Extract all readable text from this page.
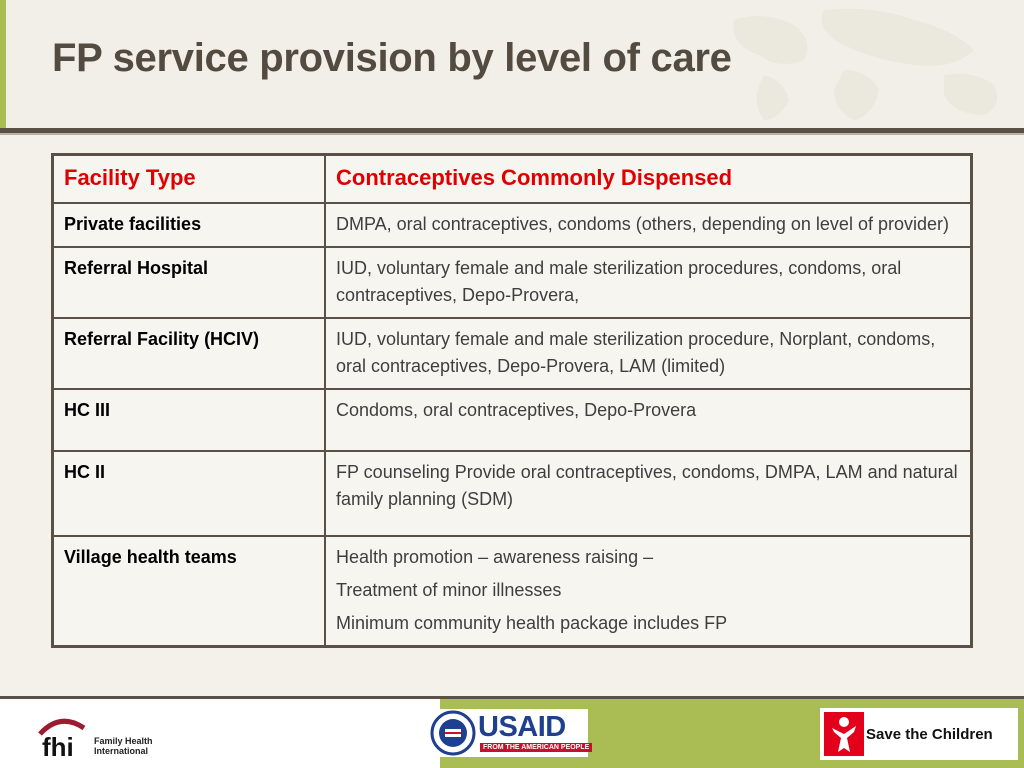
FP service provision by level of care
Facility Type	Contraceptives Commonly Dispensed
Private facilities	DMPA, oral contraceptives, condoms (others, depending on level of provider)

Referral Hospital	IUD, voluntary female and male sterilization procedures, condoms, oral contraceptives, Depo-Provera,

Referral Facility (HCIV)	IUD, voluntary female and male sterilization procedure, Norplant, condoms, oral contraceptives, Depo-Provera, LAM (limited)

HC III	Condoms, oral contraceptives, Depo-Provera

HC II	FP counseling Provide oral contraceptives, condoms, DMPA, LAM and natural family planning (SDM)

Village health teams	Health promotion – awareness raising –
Treatment of minor illnesses
Minimum community health package includes FP
fhi Family Health
International
USAID
FROM THE AMERICAN PEOPLE
Save the Children
